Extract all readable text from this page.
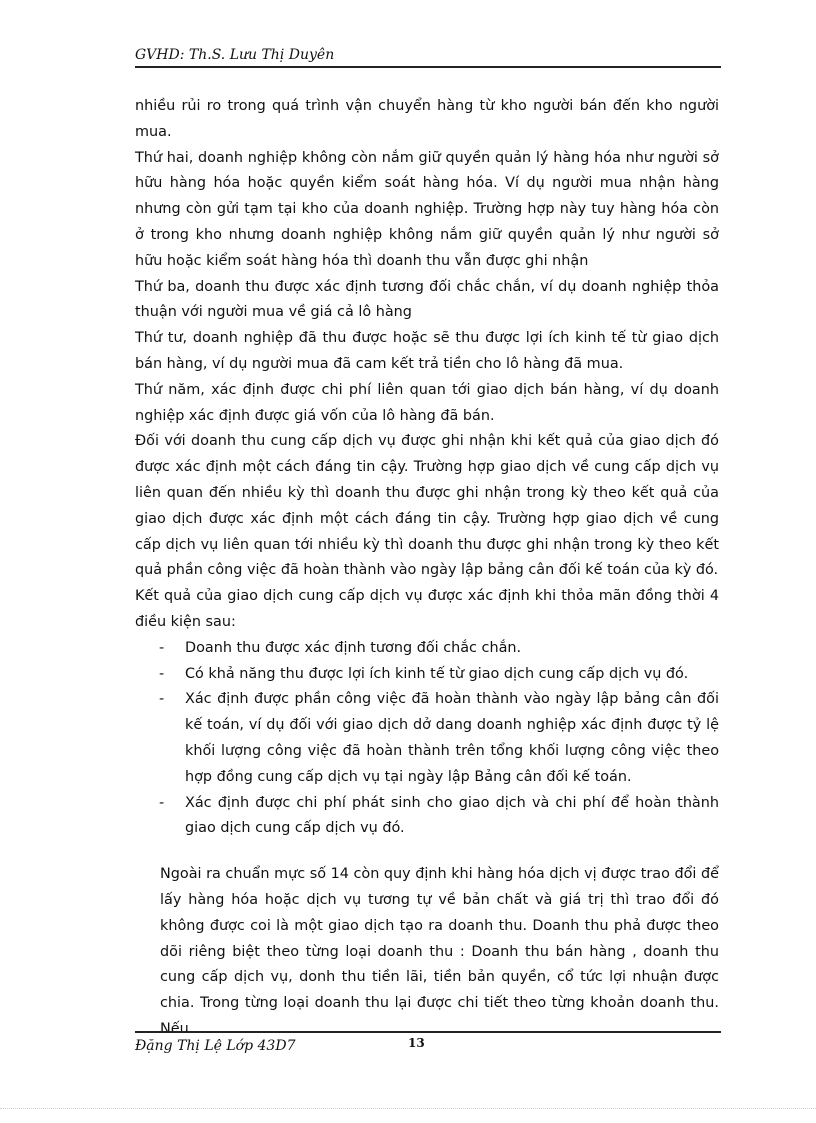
GVHD: Th.S. Lưu Thị Duyên

nhiều rủi ro trong quá trình vận chuyển hàng từ kho người bán đến kho người mua.

Thứ hai, doanh nghiệp không còn nắm giữ quyền quản lý hàng hóa như người sở hữu hàng hóa hoặc quyền kiểm soát hàng hóa. Ví dụ người mua nhận hàng nhưng còn gửi tạm tại kho của doanh nghiệp. Trường hợp này tuy hàng hóa còn ở trong kho nhưng doanh nghiệp không nắm giữ quyền quản lý như người sở hữu hoặc kiểm soát hàng hóa thì doanh thu vẫn được ghi nhận

Thứ ba, doanh thu được xác định tương đối chắc chắn, ví dụ doanh nghiệp thỏa thuận với người mua về giá cả lô hàng

Thứ tư, doanh nghiệp đã thu được hoặc sẽ thu được lợi ích kinh tế từ giao dịch bán hàng, ví dụ người mua đã cam kết trả tiền cho lô hàng đã mua.

Thứ năm, xác định được chi phí liên quan tới giao dịch bán hàng, ví dụ doanh nghiệp xác định được giá vốn của lô hàng đã bán.

Đối với doanh thu cung cấp dịch vụ được ghi nhận khi kết quả của giao dịch đó được xác định một cách đáng tin cậy. Trường hợp giao dịch về cung cấp dịch vụ liên quan đến nhiều kỳ thì doanh thu được ghi nhận trong kỳ theo kết quả của giao dịch được xác định một cách đáng tin cậy. Trường hợp giao dịch về cung cấp dịch vụ liên quan tới nhiều kỳ thì doanh thu được ghi nhận trong kỳ theo kết quả phần công việc đã hoàn thành vào ngày lập bảng cân đối kế toán của kỳ đó.

Kết quả của giao dịch cung cấp dịch vụ được xác định khi thỏa mãn đồng thời 4 điều kiện sau:

- Doanh thu được xác định tương đối chắc chắn.
- Có khả năng thu được lợi ích kinh tế từ giao dịch cung cấp dịch vụ đó.
- Xác định được phần công việc đã hoàn thành vào ngày lập bảng cân đối kế toán, ví dụ đối với giao dịch dở dang doanh nghiệp xác định được tỷ lệ khối lượng công việc đã hoàn thành trên tổng khối lượng công việc theo hợp đồng cung cấp dịch vụ tại ngày lập Bảng cân đối kế toán.
- Xác định được chi phí phát sinh cho giao dịch và chi phí để hoàn thành giao dịch cung cấp dịch vụ đó.

Ngoài ra chuẩn mực số 14 còn quy định khi hàng hóa dịch vị được trao đổi để lấy hàng hóa hoặc dịch vụ tương tự về bản chất và giá trị thì trao đổi đó không được coi là một giao dịch tạo ra doanh thu. Doanh thu phả được theo dõi riêng biệt theo từng loại doanh thu : Doanh thu bán hàng , doanh thu cung cấp dịch vụ, donh thu tiền lãi, tiền bản quyền, cổ tức lợi nhuận được chia. Trong từng loại doanh thu lại được chi tiết theo từng khoản doanh thu. Nếu

Đặng Thị Lệ Lớp 43D7	13
